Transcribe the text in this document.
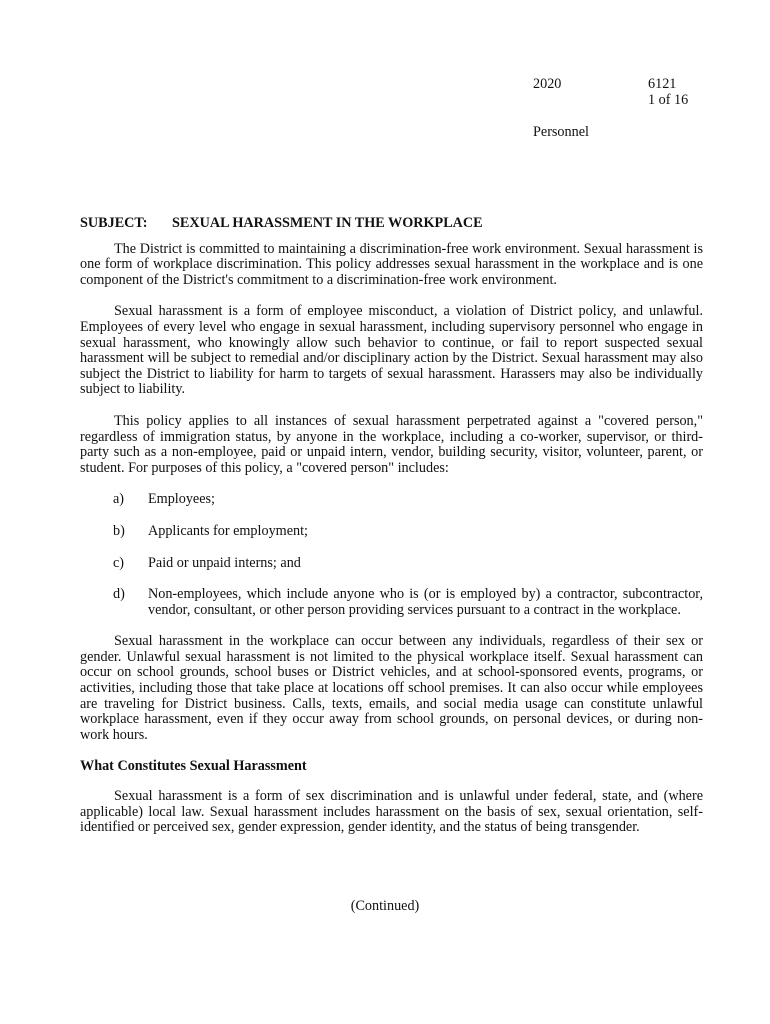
2020	6121
1 of 16
Personnel
SUBJECT: SEXUAL HARASSMENT IN THE WORKPLACE

The District is committed to maintaining a discrimination-free work environment. Sexual harassment is one form of workplace discrimination. This policy addresses sexual harassment in the workplace and is one component of the District's commitment to a discrimination-free work environment.

Sexual harassment is a form of employee misconduct, a violation of District policy, and unlawful. Employees of every level who engage in sexual harassment, including supervisory personnel who engage in sexual harassment, who knowingly allow such behavior to continue, or fail to report suspected sexual harassment will be subject to remedial and/or disciplinary action by the District. Sexual harassment may also subject the District to liability for harm to targets of sexual harassment. Harassers may also be individually subject to liability.

This policy applies to all instances of sexual harassment perpetrated against a "covered person," regardless of immigration status, by anyone in the workplace, including a co-worker, supervisor, or third-party such as a non-employee, paid or unpaid intern, vendor, building security, visitor, volunteer, parent, or student. For purposes of this policy, a "covered person" includes:

a)	Employees;
b)	Applicants for employment;
c)	Paid or unpaid interns; and
d)	Non-employees, which include anyone who is (or is employed by) a contractor, subcontractor, vendor, consultant, or other person providing services pursuant to a contract in the workplace.

Sexual harassment in the workplace can occur between any individuals, regardless of their sex or gender. Unlawful sexual harassment is not limited to the physical workplace itself. Sexual harassment can occur on school grounds, school buses or District vehicles, and at school-sponsored events, programs, or activities, including those that take place at locations off school premises. It can also occur while employees are traveling for District business. Calls, texts, emails, and social media usage can constitute unlawful workplace harassment, even if they occur away from school grounds, on personal devices, or during non-work hours.

What Constitutes Sexual Harassment

Sexual harassment is a form of sex discrimination and is unlawful under federal, state, and (where applicable) local law. Sexual harassment includes harassment on the basis of sex, sexual orientation, self-identified or perceived sex, gender expression, gender identity, and the status of being transgender.

(Continued)
